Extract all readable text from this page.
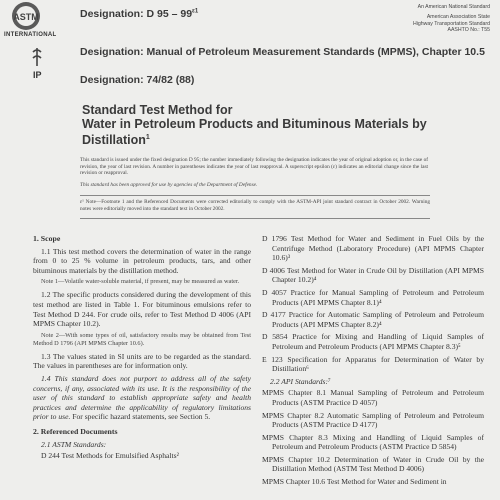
ASTM
INTERNATIONAL
Designation: D $95 - 99^{\varepsilon 1}$
An American National Standard
American Association State
Highway Transportation Standard
AASHTO No.: T55
Designation: Manual of Petroleum Measurement Standards (MPMS), Chapter 10.5
IP	Designation: 74/82 (88)
Standard Test Method for
Water in Petroleum Products and Bituminous Materials by
Distillation$^1$
This standard is issued under the fixed designation D 95; the number immediately following the designation indicates the year of original adoption or, in the case of revision, the year of last revision. A number in parentheses indicates the year of last reapproval. A superscript epsilon (ε) indicates an editorial change since the last revision or reapproval.
This standard has been approved for use by agencies of the Department of Defense.
ε¹ Note—Footnote 1 and the Referenced Documents were corrected editorially to comply with the ASTM-API joint standard contract in October 2002. Warning notes were editorially moved into the standard text in October 2002.
1. Scope
1.1 This test method covers the determination of water in the range from 0 to 25 % volume in petroleum products, tars, and other bituminous materials by the distillation method.
Note 1—Volatile water-soluble material, if present, may be measured as water.
1.2 The specific products considered during the development of this test method are listed in Table 1. For bituminous emulsions refer to Test Method D 244. For crude oils, refer to Test Method D 4006 (API MPMS Chapter 10.2).
Note 2—With some types of oil, satisfactory results may be obtained from Test Method D 1796 (API MPMS Chapter 10.6).
1.3 The values stated in SI units are to be regarded as the standard. The values in parentheses are for information only.
1.4 This standard does not purport to address all of the safety concerns, if any, associated with its use. It is the responsibility of the user of this standard to establish appropriate safety and health practices and determine the applicability of regulatory limitations prior to use. For specific hazard statements, see Section 5.
2. Referenced Documents
2.1 ASTM Standards:
D 244 Test Methods for Emulsified Asphalts²
D 1796 Test Method for Water and Sediment in Fuel Oils by the Centrifuge Method (Laboratory Procedure) (API MPMS Chapter 10.6)³
D 4006 Test Method for Water in Crude Oil by Distillation (API MPMS Chapter 10.2)⁴
D 4057 Practice for Manual Sampling of Petroleum and Petroleum Products (API MPMS Chapter 8.1)⁴
D 4177 Practice for Automatic Sampling of Petroleum and Petroleum Products (API MPMS Chapter 8.2)⁴
D 5854 Practice for Mixing and Handling of Liquid Samples of Petroleum and Petroleum Products (API MPMS Chapter 8.3)⁵
E 123 Specification for Apparatus for Determination of Water by Distillation⁶
2.2 API Standards:⁷
MPMS Chapter 8.1 Manual Sampling of Petroleum and Petroleum Products (ASTM Practice D 4057)
MPMS Chapter 8.2 Automatic Sampling of Petroleum and Petroleum Products (ASTM Practice D 4177)
MPMS Chapter 8.3 Mixing and Handling of Liquid Samples of Petroleum and Petroleum Products (ASTM Practice D 5854)
MPMS Chapter 10.2 Determination of Water in Crude Oil by the Distillation Method (ASTM Test Method D 4006)
MPMS Chapter 10.6 Test Method for Water and Sediment in
